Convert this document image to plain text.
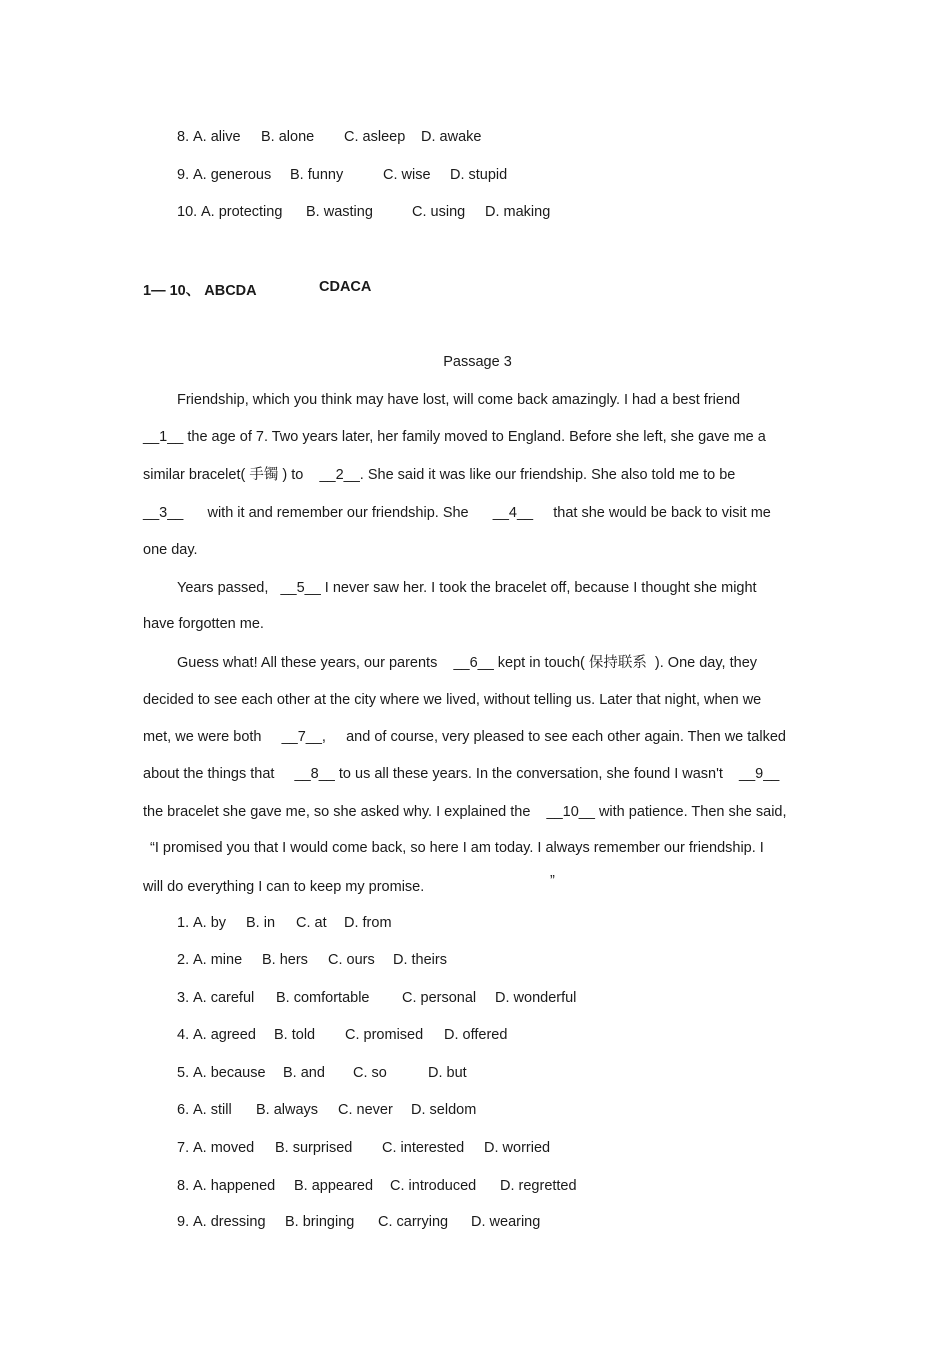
8. A. alive B. alone C. asleep D. awake
9. A. generous B. funny	C. wise D. stupid
10. A. protecting B. wasting	C. using D. making
1— 10、 ABCDA	CDACA
Passage 3
Friendship, which you think may have lost, will come back amazingly. I had a best friend
__1__ the age of 7. Two years later, her family moved to England. Before she left, she gave me a
similar bracelet( 手镯 ) to    __2__. She said it was like our friendship. She also told me to be
__3__      with it and remember our friendship. She      __4__     that she would be back to visit me
one day.
Years passed,   __5__ I never saw her. I took the bracelet off, because I thought she might
have forgotten me.
Guess what! All these years, our parents    __6__ kept in touch( 保持联系  ). One day, they
decided to see each other at the city where we lived, without telling us. Later that night, when we
met, we were both     __7__,     and of course, very pleased to see each other again. Then we talked
about the things that     __8__ to us all these years. In the conversation, she found I wasn't    __9__
the bracelet she gave me, so she asked why. I explained the    __10__ with patience. Then she said,
“I promised you that I would come back, so here I am today. I always remember our friendship. I
will do everything I can to keep my promise.	”
1. A. by B. in C. at D. from
2. A. mine B. hers C. ours D. theirs
3. A. careful B. comfortable C. personal D. wonderful
4. A. agreed B. told C. promised D. offered
5. A. because B. and C. so	D. but
6. A. still B. always C. never D. seldom
7. A. moved B. surprised C. interested D. worried
8. A. happened B. appeared C. introduced D. regretted
9. A. dressing B. bringing C. carrying D. wearing
